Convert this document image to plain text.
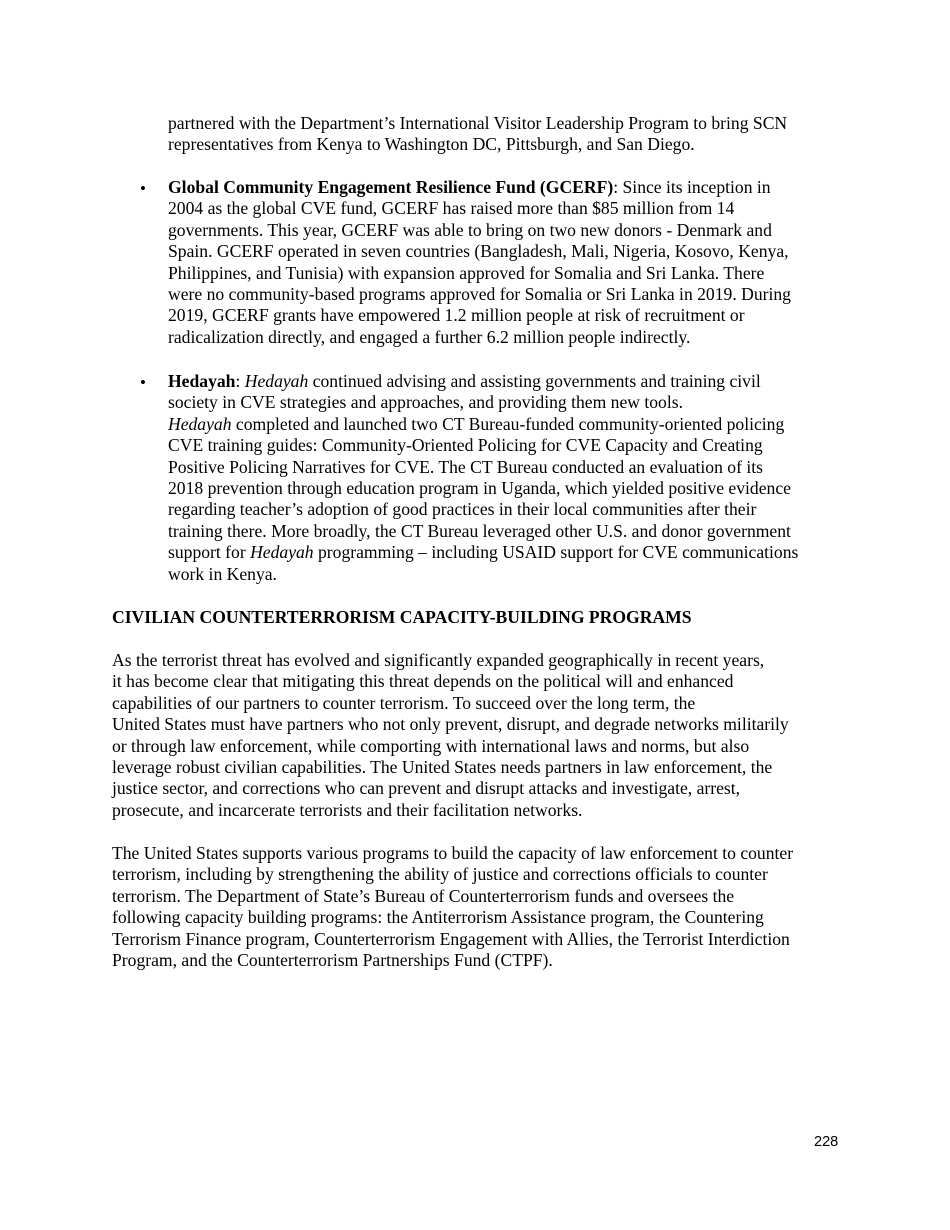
partnered with the Department’s International Visitor Leadership Program to bring SCN
representatives from Kenya to Washington DC, Pittsburgh, and San Diego.
• Global Community Engagement Resilience Fund (GCERF): Since its inception in
2004 as the global CVE fund, GCERF has raised more than $85 million from 14
governments. This year, GCERF was able to bring on two new donors - Denmark and
Spain. GCERF operated in seven countries (Bangladesh, Mali, Nigeria, Kosovo, Kenya,
Philippines, and Tunisia) with expansion approved for Somalia and Sri Lanka. There
were no community-based programs approved for Somalia or Sri Lanka in 2019. During
2019, GCERF grants have empowered 1.2 million people at risk of recruitment or
radicalization directly, and engaged a further 6.2 million people indirectly.
• Hedayah: Hedayah continued advising and assisting governments and training civil
society in CVE strategies and approaches, and providing them new tools.
Hedayah completed and launched two CT Bureau-funded community-oriented policing
CVE training guides: Community-Oriented Policing for CVE Capacity and Creating
Positive Policing Narratives for CVE. The CT Bureau conducted an evaluation of its
2018 prevention through education program in Uganda, which yielded positive evidence
regarding teacher’s adoption of good practices in their local communities after their
training there. More broadly, the CT Bureau leveraged other U.S. and donor government
support for Hedayah programming – including USAID support for CVE communications
work in Kenya.
CIVILIAN COUNTERTERRORISM CAPACITY-BUILDING PROGRAMS
As the terrorist threat has evolved and significantly expanded geographically in recent years,
it has become clear that mitigating this threat depends on the political will and enhanced
capabilities of our partners to counter terrorism. To succeed over the long term, the
United States must have partners who not only prevent, disrupt, and degrade networks militarily
or through law enforcement, while comporting with international laws and norms, but also
leverage robust civilian capabilities. The United States needs partners in law enforcement, the
justice sector, and corrections who can prevent and disrupt attacks and investigate, arrest,
prosecute, and incarcerate terrorists and their facilitation networks.
The United States supports various programs to build the capacity of law enforcement to counter
terrorism, including by strengthening the ability of justice and corrections officials to counter
terrorism. The Department of State’s Bureau of Counterterrorism funds and oversees the
following capacity building programs: the Antiterrorism Assistance program, the Countering
Terrorism Finance program, Counterterrorism Engagement with Allies, the Terrorist Interdiction
Program, and the Counterterrorism Partnerships Fund (CTPF).
228
